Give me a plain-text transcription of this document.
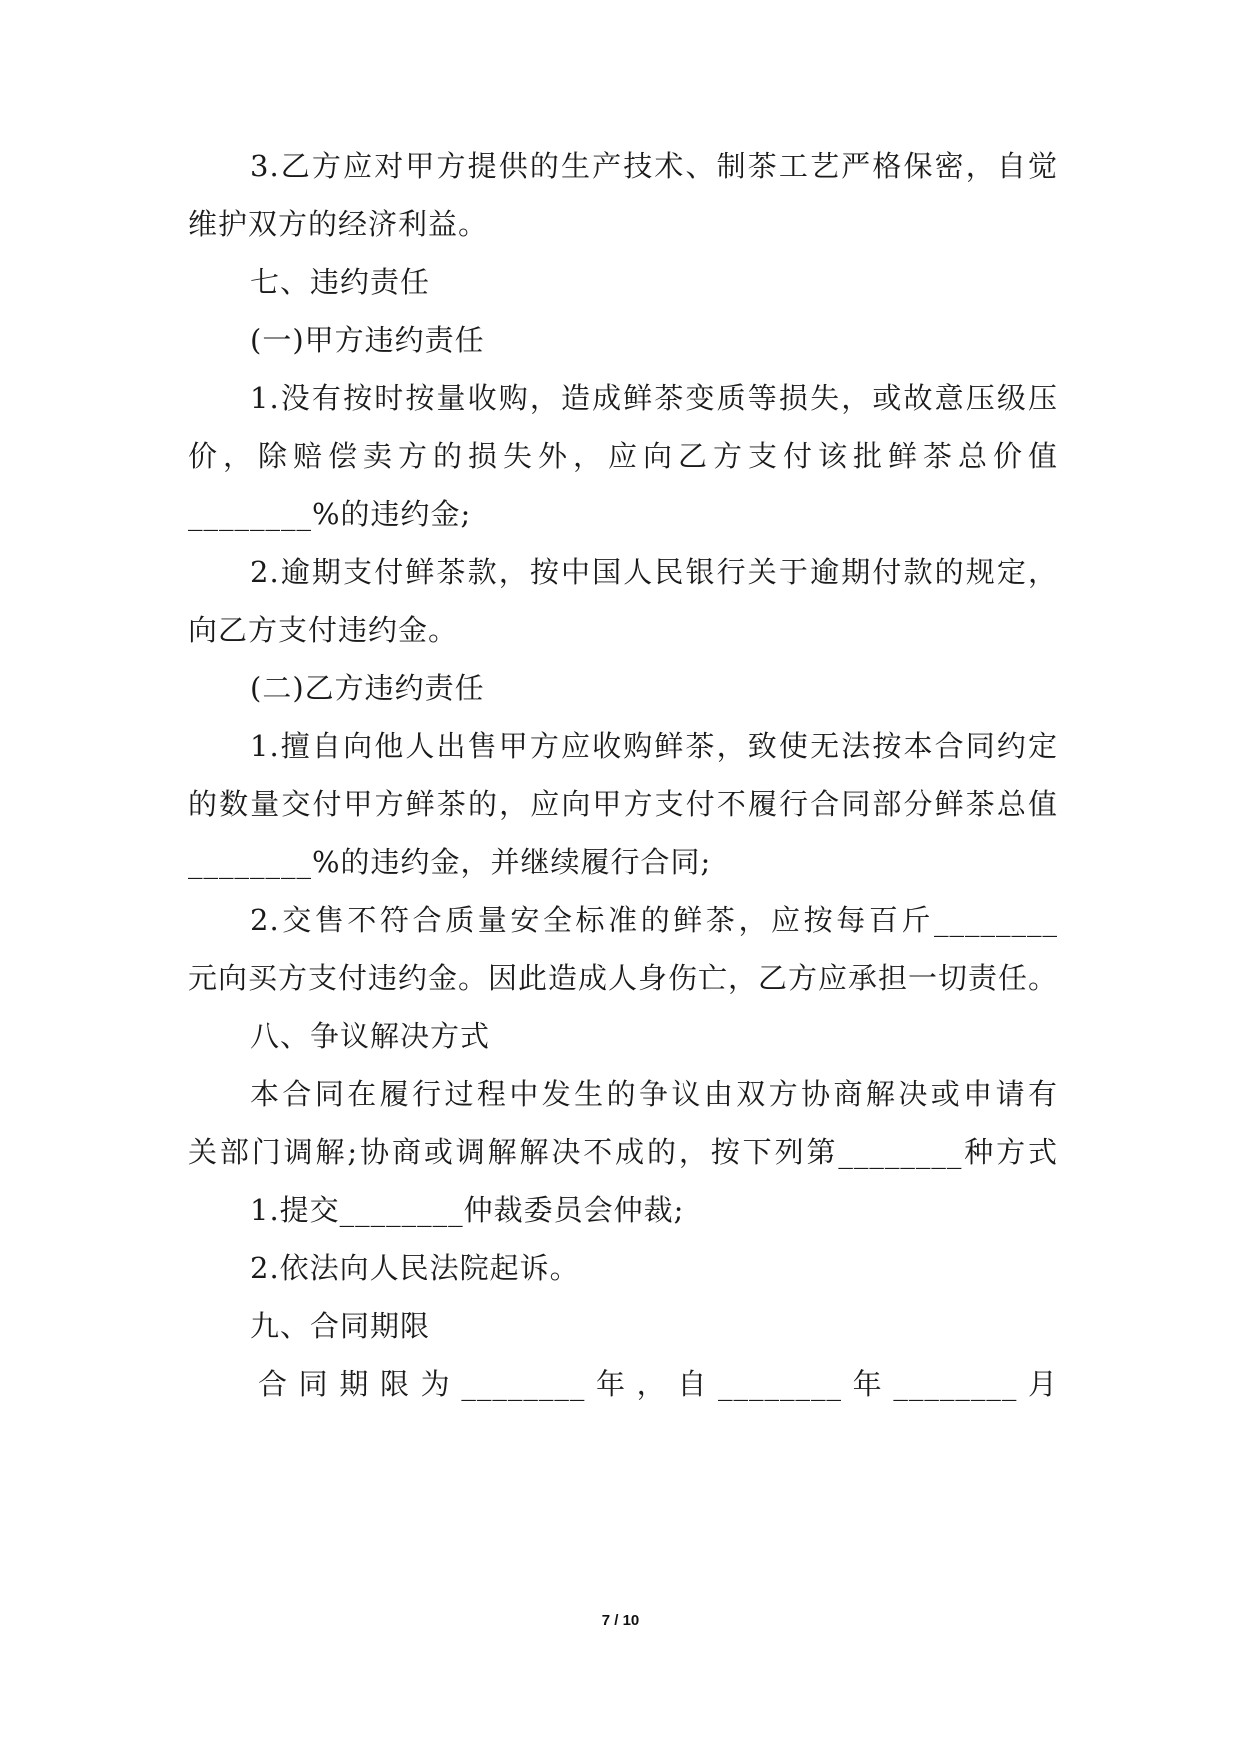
3.乙方应对甲方提供的生产技术、制茶工艺严格保密，自觉
维护双方的经济利益。
七、违约责任
(一)甲方违约责任
1.没有按时按量收购，造成鲜茶变质等损失，或故意压级压
价，除赔偿卖方的损失外，应向乙方支付该批鲜茶总价值
________%的违约金;
2.逾期支付鲜茶款，按中国人民银行关于逾期付款的规定，
向乙方支付违约金。
(二)乙方违约责任
1.擅自向他人出售甲方应收购鲜茶，致使无法按本合同约定
的数量交付甲方鲜茶的，应向甲方支付不履行合同部分鲜茶总值
________%的违约金，并继续履行合同;
2.交售不符合质量安全标准的鲜茶，应按每百斤________
元向买方支付违约金。因此造成人身伤亡，乙方应承担一切责任。
八、争议解决方式
本合同在履行过程中发生的争议由双方协商解决或申请有
关部门调解;协商或调解解决不成的，按下列第________种方式
1.提交________仲裁委员会仲裁;
2.依法向人民法院起诉。
九、合同期限
合同期限为________年，自________年________月
7 / 10
